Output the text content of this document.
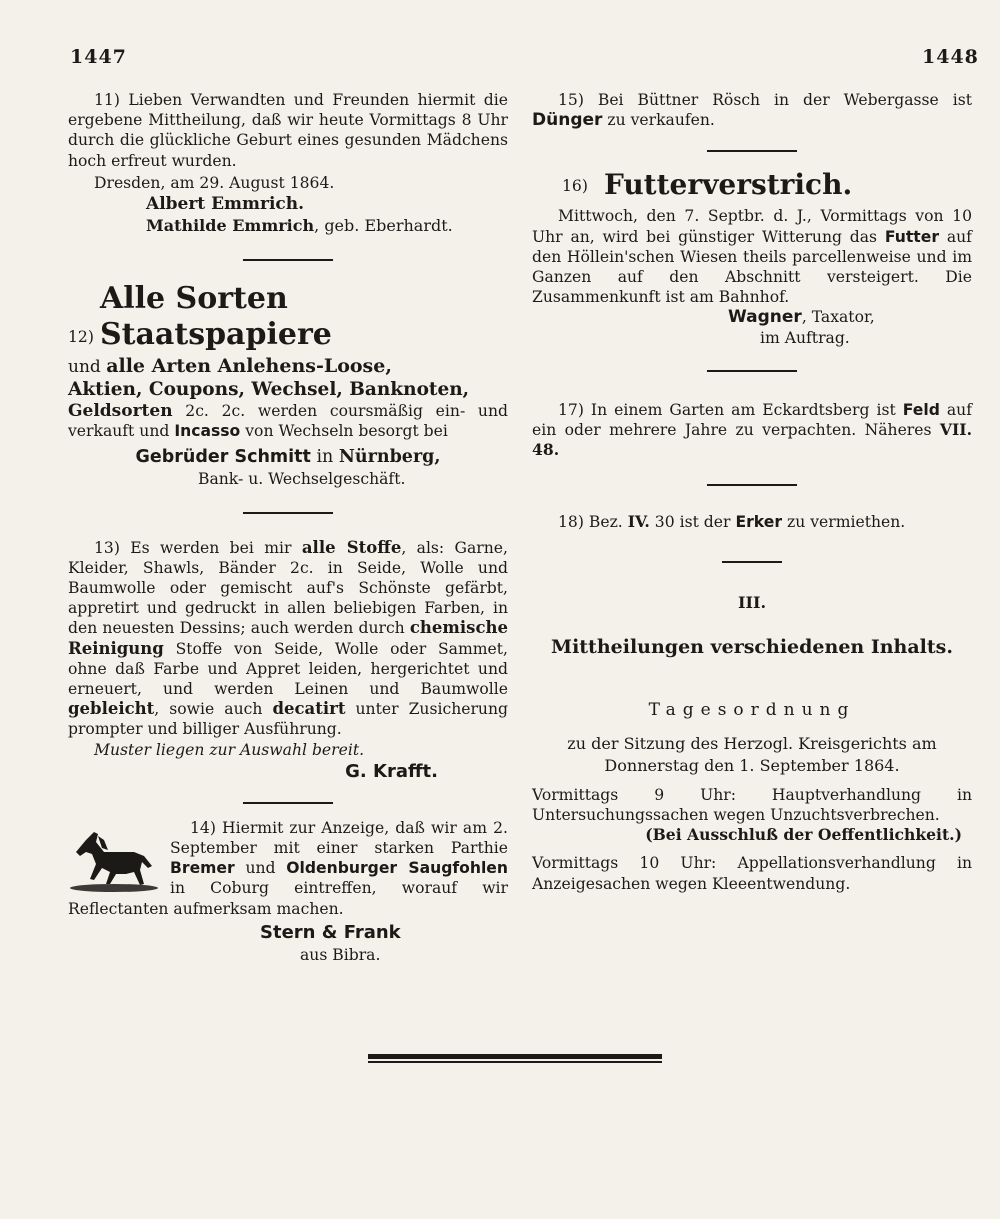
1447	1448

11) Lieben Verwandten und Freunden hiermit die ergebene Mittheilung, daß wir heute Vormittags 8 Uhr durch die glückliche Geburt eines gesunden Mädchens hoch erfreut wurden.

Dresden, am 29. August 1864.

Albert Emmrich.

Mathilde Emmrich, geb. Eberhardt.

12)
Alle Sorten Staatspapiere

und alle Arten Anlehens-Loose,

Aktien, Coupons, Wechsel, Banknoten,

Geldsorten 2c. 2c. werden coursmäßig ein- und verkauft und Incasso von Wechseln besorgt bei

Gebrüder Schmitt in Nürnberg,

Bank- u. Wechselgeschäft.

13) Es werden bei mir alle Stoffe, als: Garne, Kleider, Shawls, Bänder 2c. in Seide, Wolle und Baumwolle oder gemischt auf's Schönste gefärbt, appretirt und gedruckt in allen beliebigen Farben, in den neuesten Dessins; auch werden durch chemische Reinigung Stoffe von Seide, Wolle oder Sammet, ohne daß Farbe und Appret leiden, hergerichtet und erneuert, und werden Leinen und Baumwolle gebleicht, sowie auch decatirt unter Zusicherung prompter und billiger Ausführung.

Muster liegen zur Auswahl bereit.

G. Krafft.

14) Hiermit zur Anzeige, daß wir am 2. September mit einer starken Parthie Bremer und Oldenburger Saugfohlen in Coburg eintreffen, worauf wir Reflectanten aufmerksam machen.

Stern & Frank

aus Bibra.

15) Bei Büttner Rösch in der Webergasse ist Dünger zu verkaufen.

16) Futterverstrich.

Mittwoch, den 7. Septbr. d. J., Vormittags von 10 Uhr an, wird bei günstiger Witterung das Futter auf den Höllein'schen Wiesen theils parcellenweise und im Ganzen auf den Abschnitt versteigert. Die Zusammenkunft ist am Bahnhof.

Wagner, Taxator,

im Auftrag.

17) In einem Garten am Eckardtsberg ist Feld auf ein oder mehrere Jahre zu verpachten. Näheres VII. 48.

18) Bez. IV. 30 ist der Erker zu vermiethen.

III.

Mittheilungen verschiedenen Inhalts.

Tagesordnung

zu der Sitzung des Herzogl. Kreisgerichts am

Donnerstag den 1. September 1864.

Vormittags 9 Uhr: Hauptverhandlung in Untersuchungssachen wegen Unzuchtsverbrechen.

(Bei Ausschluß der Oeffentlichkeit.)

Vormittags 10 Uhr: Appellationsverhandlung in Anzeigesachen wegen Kleeentwendung.
